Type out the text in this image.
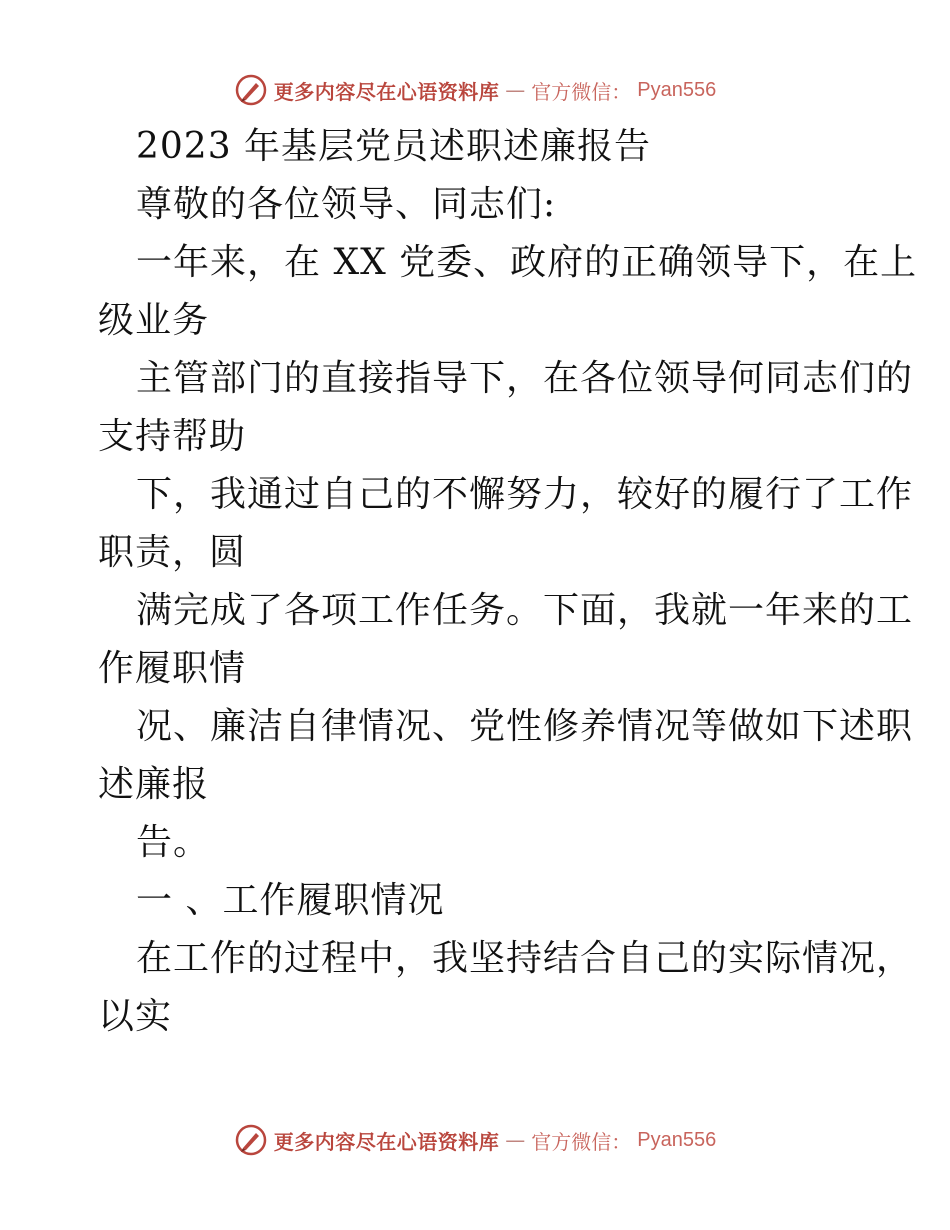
更多内容尽在心语资料库 — 官方微信： Pyan556
2023 年基层党员述职述廉报告
尊敬的各位领导、同志们:
一年来，在 XX 党委、政府的正确领导下，在上
级业务
主管部门的直接指导下，在各位领导何同志们的
支持帮助
下，我通过自己的不懈努力，较好的履行了工作
职责，圆
满完成了各项工作任务。下面，我就一年来的工
作履职情
况、廉洁自律情况、党性修养情况等做如下述职
述廉报
告。
一 、工作履职情况
在工作的过程中，我坚持结合自己的实际情况，
以实
更多内容尽在心语资料库 — 官方微信： Pyan556
